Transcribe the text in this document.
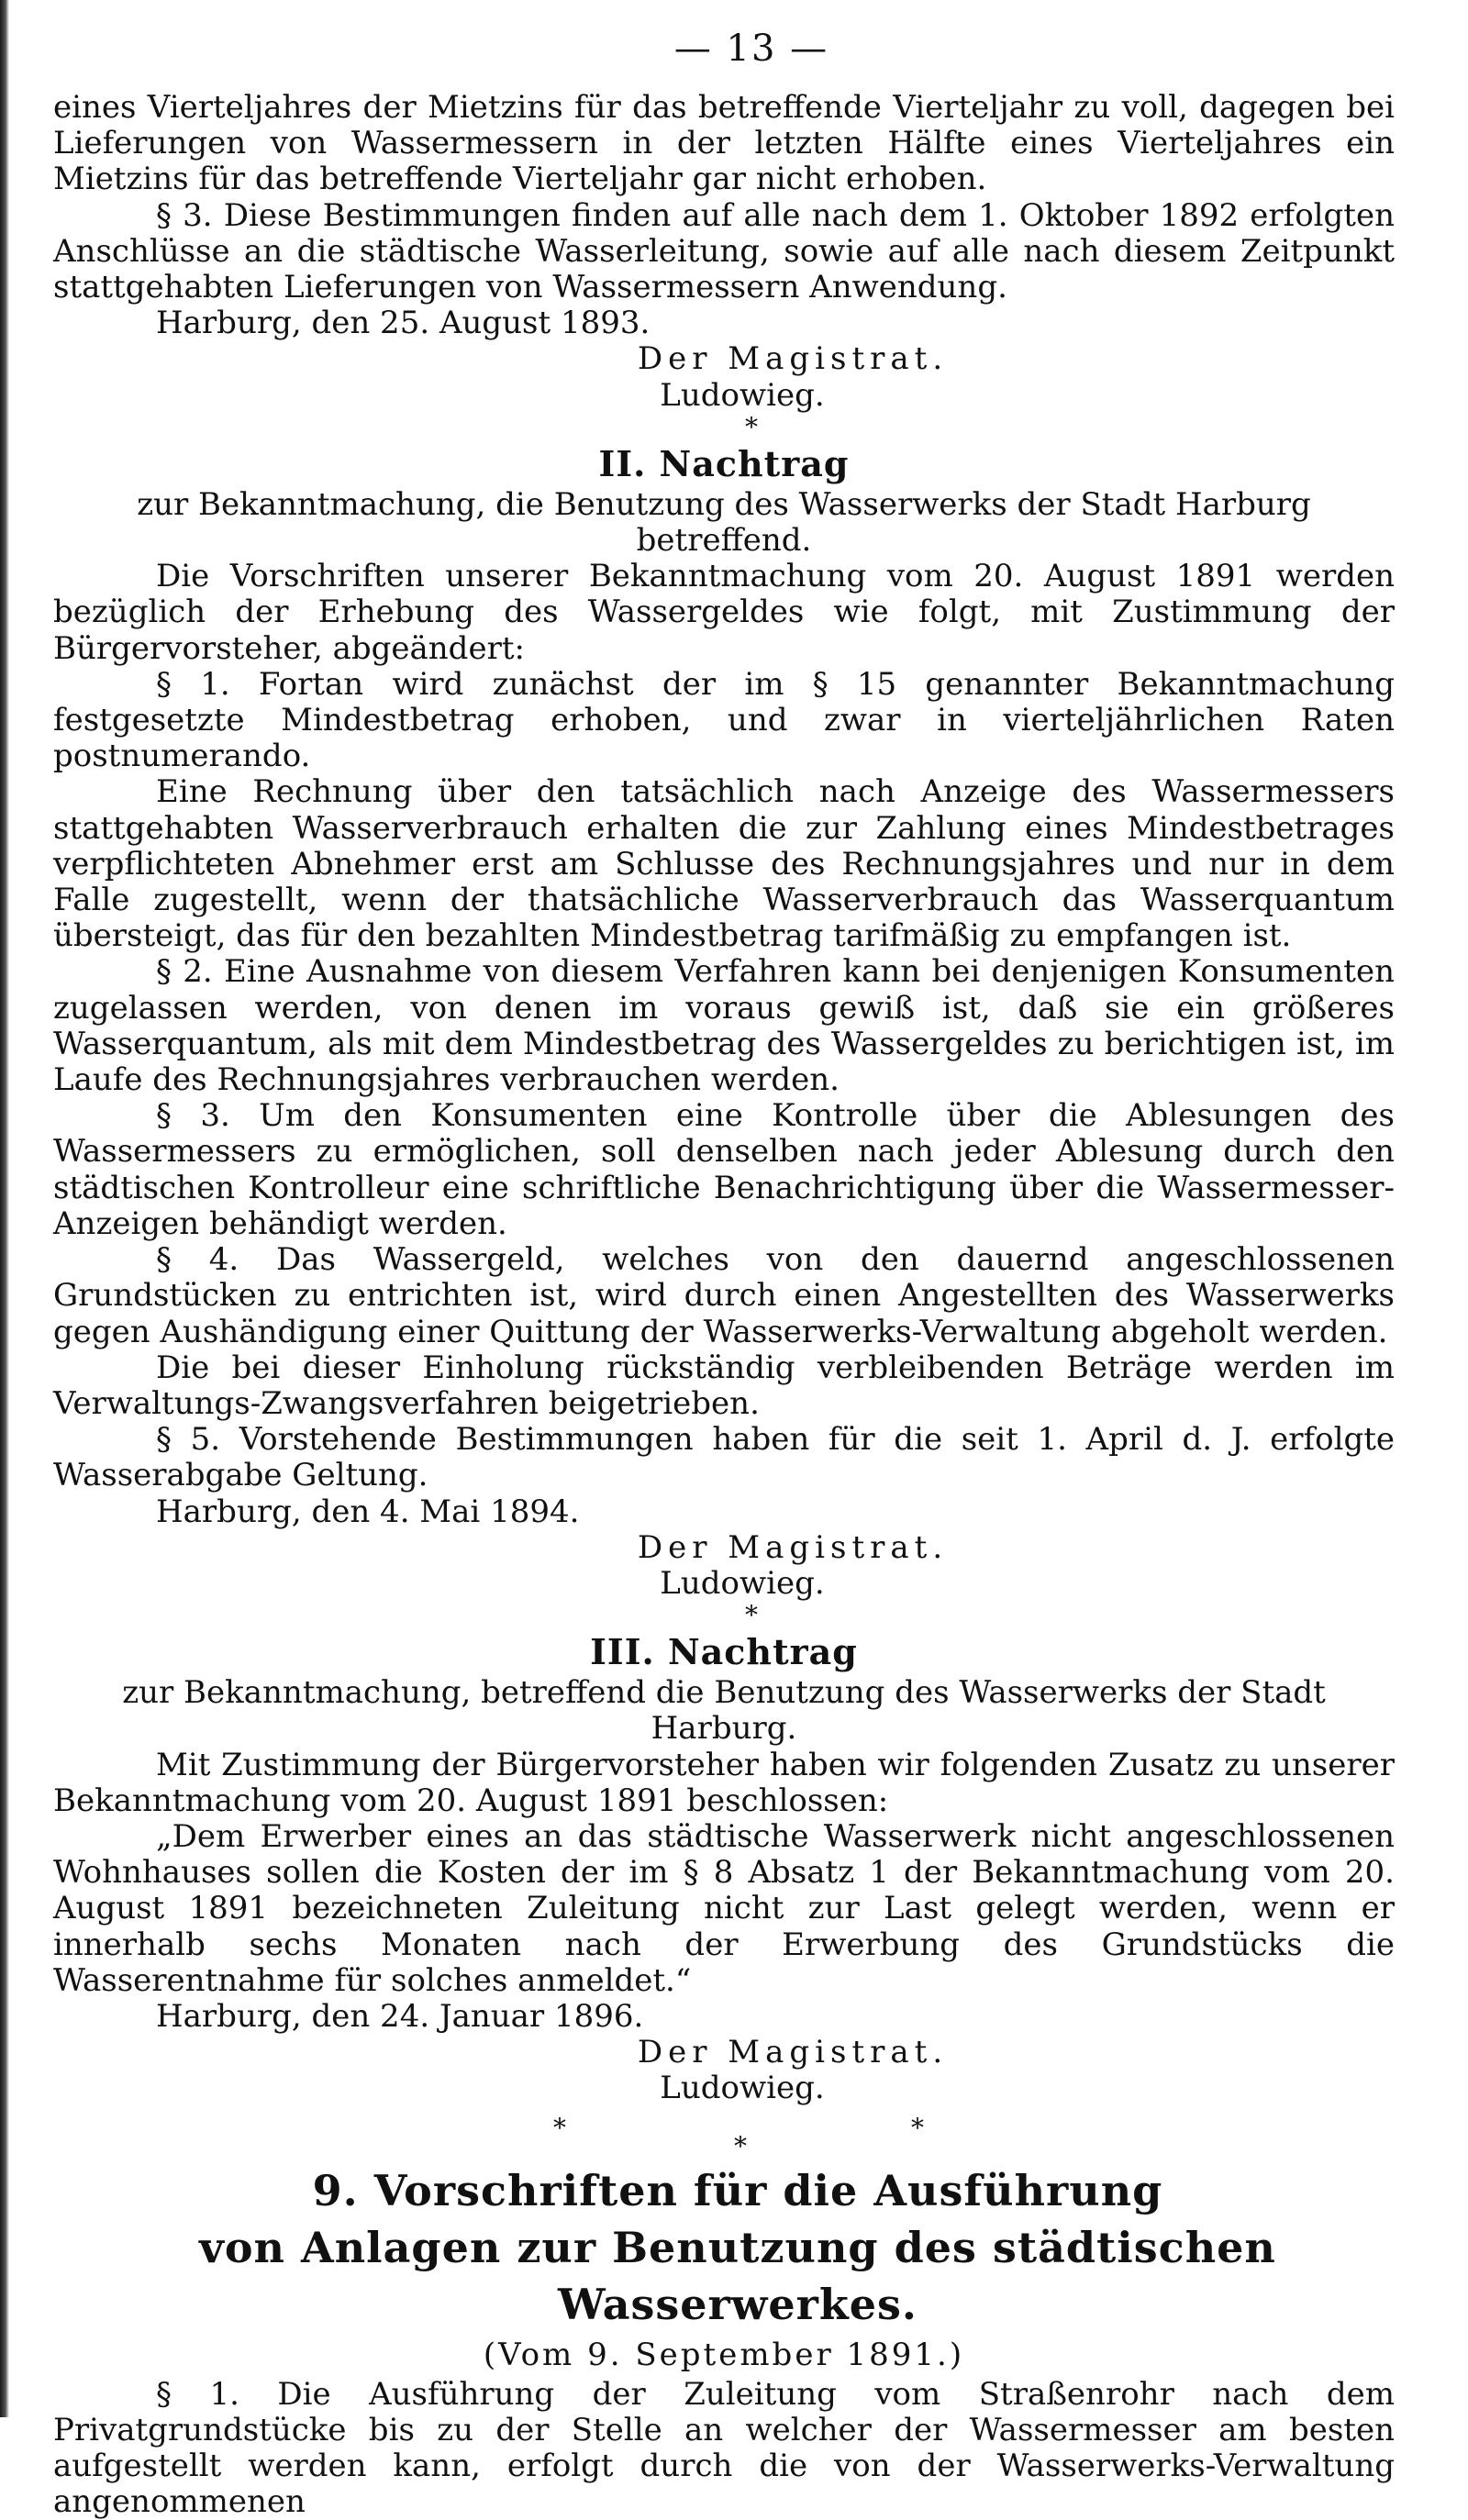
— 13 —

eines Vierteljahres der Mietzins für das betreffende Vierteljahr zu voll, dagegen bei Lieferungen von Wassermessern in der letzten Hälfte eines Vierteljahres ein Mietzins für das betreffende Vierteljahr gar nicht erhoben.

§ 3. Diese Bestimmungen finden auf alle nach dem 1. Oktober 1892 erfolgten Anschlüsse an die städtische Wasserleitung, sowie auf alle nach diesem Zeitpunkt stattgehabten Lieferungen von Wassermessern Anwendung.

Harburg, den 25. August 1893.
Der Magistrat.
Ludowieg.
*
II. Nachtrag
zur Bekanntmachung, die Benutzung des Wasserwerks der Stadt Harburg betreffend.

Die Vorschriften unserer Bekanntmachung vom 20. August 1891 werden bezüglich der Erhebung des Wassergeldes wie folgt, mit Zustimmung der Bürgervorsteher, abgeändert:

§ 1. Fortan wird zunächst der im § 15 genannter Bekanntmachung festgesetzte Mindestbetrag erhoben, und zwar in vierteljährlichen Raten postnumerando.

Eine Rechnung über den tatsächlich nach Anzeige des Wassermessers stattgehabten Wasserverbrauch erhalten die zur Zahlung eines Mindestbetrages verpflichteten Abnehmer erst am Schlusse des Rechnungsjahres und nur in dem Falle zugestellt, wenn der thatsächliche Wasserverbrauch das Wasserquantum übersteigt, das für den bezahlten Mindestbetrag tarifmäßig zu empfangen ist.

§ 2. Eine Ausnahme von diesem Verfahren kann bei denjenigen Konsumenten zugelassen werden, von denen im voraus gewiß ist, daß sie ein größeres Wasserquantum, als mit dem Mindestbetrag des Wassergeldes zu berichtigen ist, im Laufe des Rechnungsjahres verbrauchen werden.

§ 3. Um den Konsumenten eine Kontrolle über die Ablesungen des Wassermessers zu ermöglichen, soll denselben nach jeder Ablesung durch den städtischen Kontrolleur eine schriftliche Benachrichtigung über die Wassermesser-Anzeigen behändigt werden.

§ 4. Das Wassergeld, welches von den dauernd angeschlossenen Grundstücken zu entrichten ist, wird durch einen Angestellten des Wasserwerks gegen Aushändigung einer Quittung der Wasserwerks-Verwaltung abgeholt werden.

Die bei dieser Einholung rückständig verbleibenden Beträge werden im Verwaltungs-Zwangsverfahren beigetrieben.

§ 5. Vorstehende Bestimmungen haben für die seit 1. April d. J. erfolgte Wasserabgabe Geltung.

Harburg, den 4. Mai 1894.
Der Magistrat.
Ludowieg.
*
III. Nachtrag
zur Bekanntmachung, betreffend die Benutzung des Wasserwerks der Stadt Harburg.

Mit Zustimmung der Bürgervorsteher haben wir folgenden Zusatz zu unserer Bekanntmachung vom 20. August 1891 beschlossen:

„Dem Erwerber eines an das städtische Wasserwerk nicht angeschlossenen Wohnhauses sollen die Kosten der im § 8 Absatz 1 der Bekanntmachung vom 20. August 1891 bezeichneten Zuleitung nicht zur Last gelegt werden, wenn er innerhalb sechs Monaten nach der Erwerbung des Grundstücks die Wasserentnahme für solches anmeldet.“

Harburg, den 24. Januar 1896.
Der Magistrat.
Ludowieg.
*
*
*
9. Vorschriften für die Ausführung
von Anlagen zur Benutzung des städtischen Wasserwerkes.
(Vom 9. September 1891.)

§ 1. Die Ausführung der Zuleitung vom Straßenrohr nach dem Privatgrundstücke bis zu der Stelle an welcher der Wassermesser am besten aufgestellt werden kann, erfolgt durch die von der Wasserwerks-Verwaltung angenommenen
